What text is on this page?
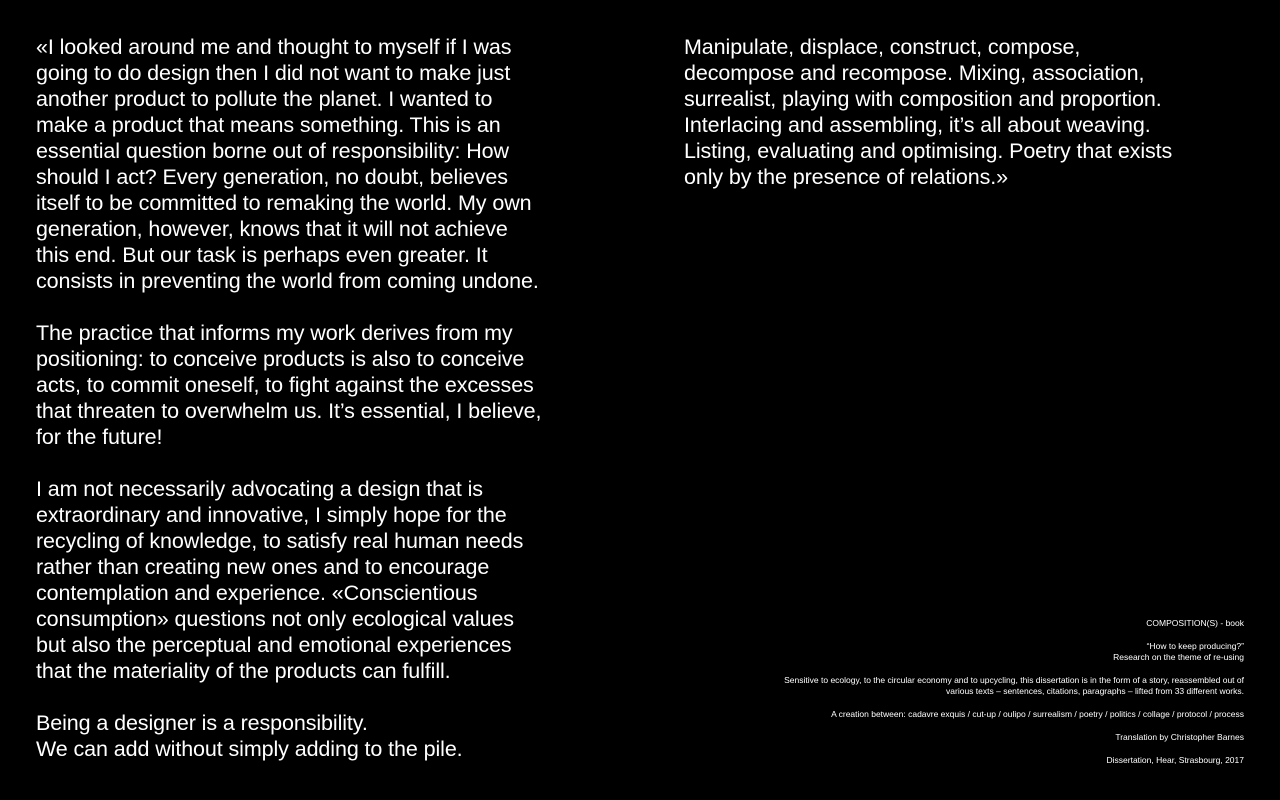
«I looked around me and thought to myself if I was
going to do design then I did not want to make just
another product to pollute the planet. I wanted to
make a product that means something. This is an
essential question borne out of responsibility: How
should I act? Every generation, no doubt, believes
itself to be committed to remaking the world. My own
generation, however, knows that it will not achieve
this end. But our task is perhaps even greater. It
consists in preventing the world from coming undone.

The practice that informs my work derives from my
positioning: to conceive products is also to conceive
acts, to commit oneself, to fight against the excesses
that threaten to overwhelm us. It’s essential, I believe,
for the future!

I am not necessarily advocating a design that is
extraordinary and innovative, I simply hope for the
recycling of knowledge, to satisfy real human needs
rather than creating new ones and to encourage
contemplation and experience. «Conscientious
consumption» questions not only ecological values
but also the perceptual and emotional experiences
that the materiality of the products can fulfill.

Being a designer is a responsibility.
We can add without simply adding to the pile.

Manipulate, displace, construct, compose,
decompose and recompose. Mixing, association,
surrealist, playing with composition and proportion.
Interlacing and assembling, it’s all about weaving.
Listing, evaluating and optimising. Poetry that exists
only by the presence of relations.»

COMPOSITION(S) - book

“How to keep producing?”
Research on the theme of re-using

Sensitive to ecology, to the circular economy and to upcycling, this dissertation is in the form of a story, reassembled out of
various texts – sentences, citations, paragraphs – lifted from 33 different works.

A creation between: cadavre exquis / cut-up / oulipo / surrealism / poetry / politics / collage / protocol / process

Translation by Christopher Barnes

Dissertation, Hear, Strasbourg, 2017
